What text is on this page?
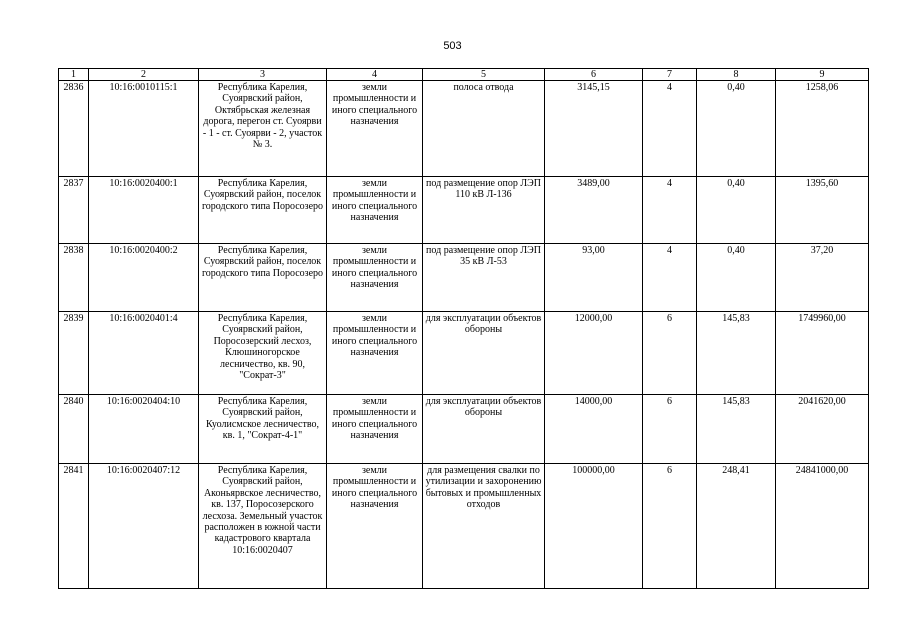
503
1	2	3	4	5	6	7	8	9
2836	10:16:0010115:1	Республика Карелия, Суоярвский район, Октябрьская железная дорога, перегон ст. Суоярви - 1 - ст. Суоярви - 2, участок № 3.	земли промышленности и иного специального назначения	полоса отвода	3145,15	4	0,40	1258,06
2837	10:16:0020400:1	Республика Карелия, Суоярвский район, поселок городского типа Поросозеро	земли промышленности и иного специального назначения	под размещение опор ЛЭП 110 кВ Л-136	3489,00	4	0,40	1395,60
2838	10:16:0020400:2	Республика Карелия, Суоярвский район, поселок городского типа Поросозеро	земли промышленности и иного специального назначения	под размещение опор ЛЭП 35 кВ Л-53	93,00	4	0,40	37,20
2839	10:16:0020401:4	Республика Карелия, Суоярвский район, Поросозерский лесхоз, Клюшиногорское лесничество, кв. 90, "Сократ-3"	земли промышленности и иного специального назначения	для эксплуатации объектов обороны	12000,00	6	145,83	1749960,00
2840	10:16:0020404:10	Республика Карелия, Суоярвский район, Куолисмское лесничество, кв. 1, "Сократ-4-1"	земли промышленности и иного специального назначения	для эксплуатации объектов обороны	14000,00	6	145,83	2041620,00
2841	10:16:0020407:12	Республика Карелия, Суоярвский район, Аконьярвское лесничество, кв. 137, Поросозерского лесхоза. Земельный участок расположен в южной части кадастрового квартала 10:16:0020407	земли промышленности и иного специального назначения	для размещения свалки по утилизации и захоронению бытовых и промышленных отходов	100000,00	6	248,41	24841000,00
